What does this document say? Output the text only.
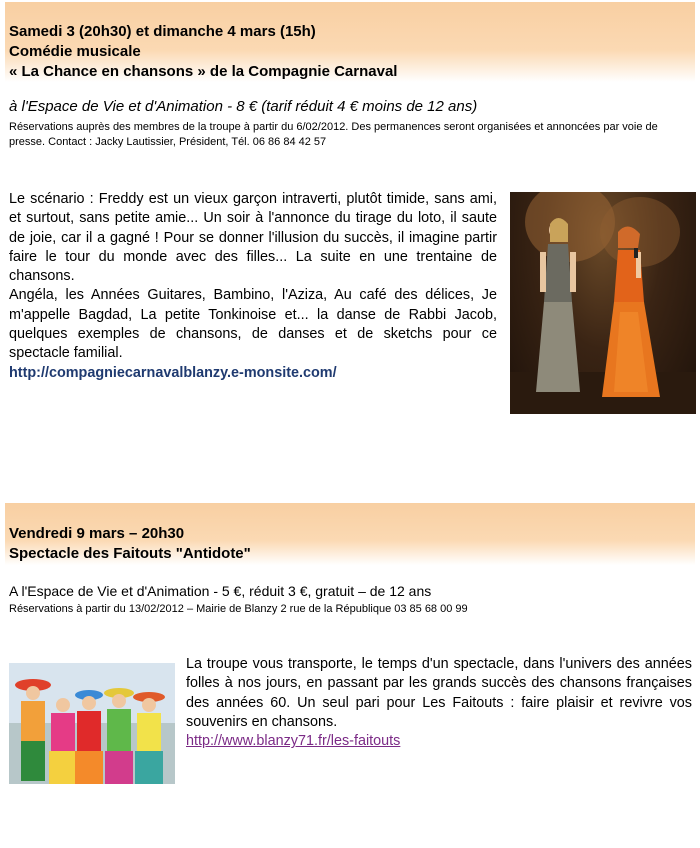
Samedi 3 (20h30) et dimanche 4 mars (15h)
Comédie musicale
« La Chance en chansons » de la Compagnie Carnaval
à l'Espace de Vie et d'Animation - 8 € (tarif réduit 4 € moins de 12 ans)
Réservations auprès des membres de la troupe à partir du 6/02/2012. Des permanences seront organisées et annoncées par voie de presse. Contact : Jacky Lautissier, Président, Tél. 06 86 84 42 57
Le scénario : Freddy est un vieux garçon intraverti, plutôt timide, sans ami, et surtout, sans petite amie... Un soir à l'annonce du tirage du loto, il saute de joie, car il a gagné ! Pour se donner l'illusion du succès, il imagine partir faire le tour du monde avec des filles... La suite en une trentaine de chansons.
Angéla, les Années Guitares, Bambino, l'Aziza, Au café des délices, Je m'appelle Bagdad, La petite Tonkinoise et... la danse de Rabbi Jacob, quelques exemples de chansons, de danses et de sketchs pour ce spectacle familial.
http://compagniecarnavalblanzy.e-monsite.com/
Vendredi 9 mars – 20h30
Spectacle des Faitouts "Antidote"
A l'Espace de Vie et d'Animation - 5 €, réduit 3 €, gratuit – de 12 ans
Réservations à partir du 13/02/2012 – Mairie de Blanzy 2 rue de la République 03 85 68 00 99
La troupe vous transporte, le temps d'un spectacle, dans l'univers des années folles à nos jours, en passant par les grands succès des chansons françaises des années 60. Un seul pari pour Les Faitouts : faire plaisir et revivre vos souvenirs en chansons.
http://www.blanzy71.fr/les-faitouts
